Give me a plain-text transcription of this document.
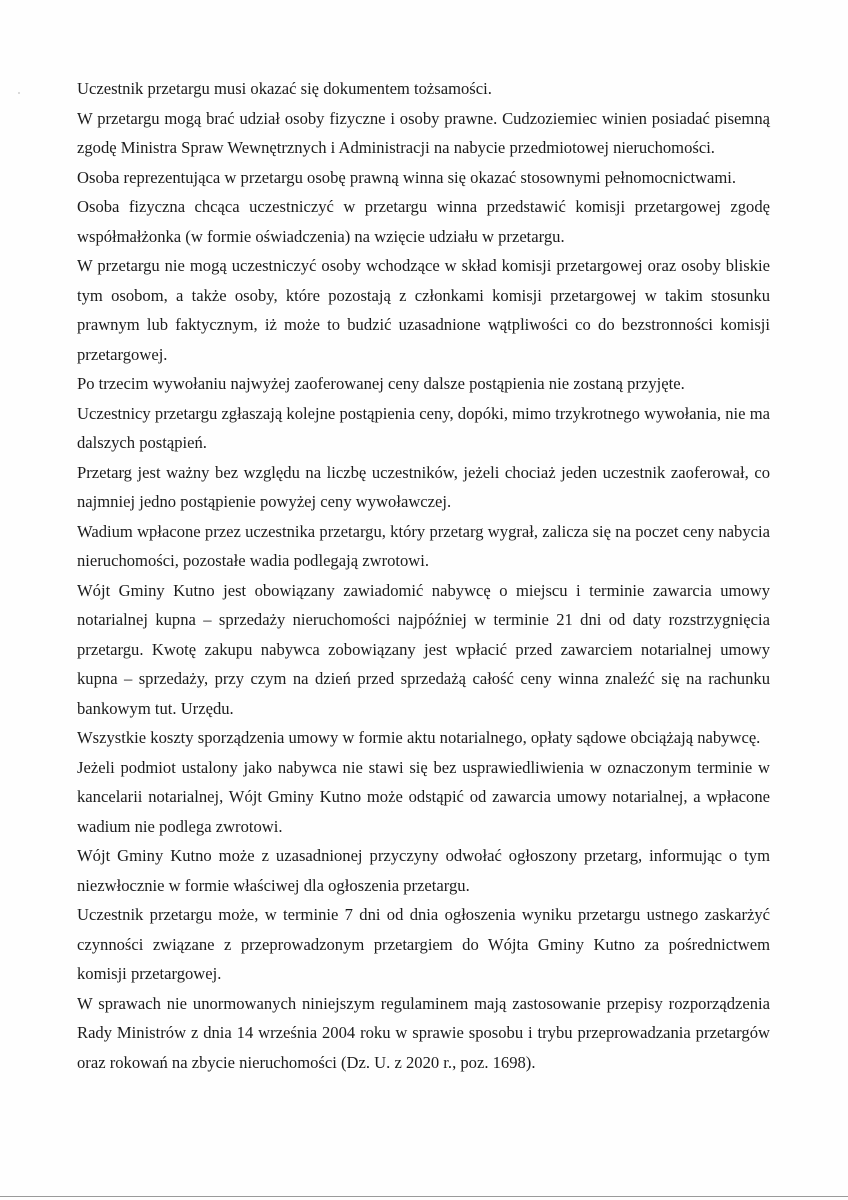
Uczestnik przetargu musi okazać się dokumentem tożsamości.

W przetargu mogą brać udział osoby fizyczne i osoby prawne. Cudzoziemiec winien posiadać pisemną zgodę Ministra Spraw Wewnętrznych i Administracji na nabycie przedmiotowej nieruchomości.

Osoba reprezentująca w przetargu osobę prawną winna się okazać stosownymi pełnomocnictwami.

Osoba fizyczna chcąca uczestniczyć w przetargu winna przedstawić komisji przetargowej zgodę współmałżonka (w formie oświadczenia) na wzięcie udziału w przetargu.

W przetargu nie mogą uczestniczyć osoby wchodzące w skład komisji przetargowej oraz osoby bliskie tym osobom, a także osoby, które pozostają z członkami komisji przetargowej w takim stosunku prawnym lub faktycznym, iż może to budzić uzasadnione wątpliwości co do bezstronności komisji przetargowej.

Po trzecim wywołaniu najwyżej zaoferowanej ceny dalsze postąpienia nie zostaną przyjęte.

Uczestnicy przetargu zgłaszają kolejne postąpienia ceny, dopóki, mimo trzykrotnego wywołania, nie ma dalszych postąpień.

Przetarg jest ważny bez względu na liczbę uczestników, jeżeli chociaż jeden uczestnik zaoferował, co najmniej jedno postąpienie powyżej ceny wywoławczej.

Wadium wpłacone przez uczestnika przetargu, który przetarg wygrał, zalicza się na poczet ceny nabycia nieruchomości, pozostałe wadia podlegają zwrotowi.

Wójt Gminy Kutno jest obowiązany zawiadomić nabywcę o miejscu i terminie zawarcia umowy notarialnej kupna – sprzedaży nieruchomości najpóźniej w terminie 21 dni od daty rozstrzygnięcia przetargu. Kwotę zakupu nabywca zobowiązany jest wpłacić przed zawarciem notarialnej umowy kupna – sprzedaży, przy czym na dzień przed sprzedażą całość ceny winna znaleźć się na rachunku bankowym tut. Urzędu.

Wszystkie koszty sporządzenia umowy w formie aktu notarialnego, opłaty sądowe obciążają nabywcę.

Jeżeli podmiot ustalony jako nabywca nie stawi się bez usprawiedliwienia w oznaczonym terminie w kancelarii notarialnej, Wójt Gminy Kutno może odstąpić od zawarcia umowy notarialnej, a wpłacone wadium nie podlega zwrotowi.

Wójt Gminy Kutno może z uzasadnionej przyczyny odwołać ogłoszony przetarg, informując o tym niezwłocznie w formie właściwej dla ogłoszenia przetargu.

Uczestnik przetargu może, w terminie 7 dni od dnia ogłoszenia wyniku przetargu ustnego zaskarżyć czynności związane z przeprowadzonym przetargiem do Wójta Gminy Kutno za pośrednictwem komisji przetargowej.

W sprawach nie unormowanych niniejszym regulaminem mają zastosowanie przepisy rozporządzenia Rady Ministrów z dnia 14 września 2004 roku w sprawie sposobu i trybu przeprowadzania przetargów oraz rokowań na zbycie nieruchomości (Dz. U. z 2020 r., poz. 1698).
